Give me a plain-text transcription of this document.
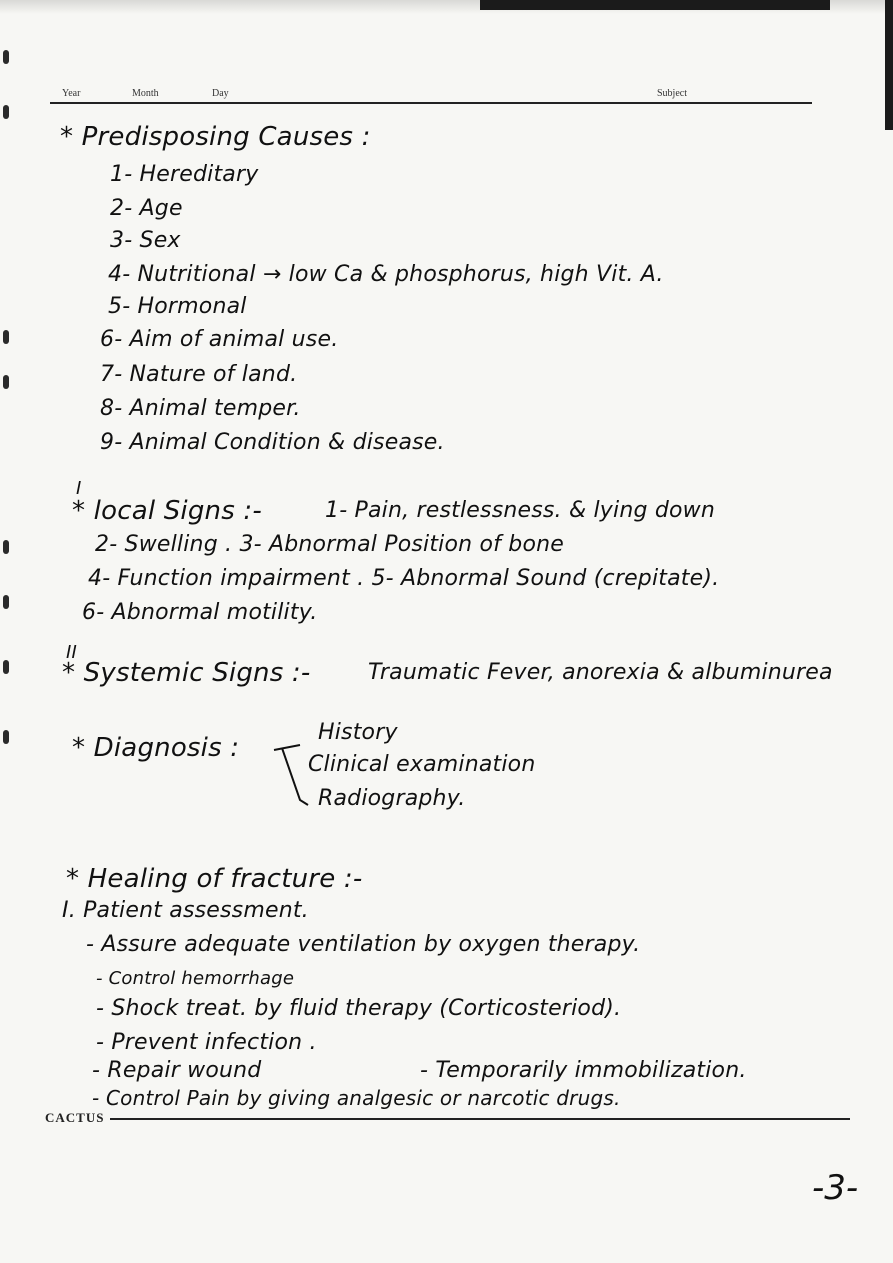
Year	Month	Day	Subject
* Predisposing Causes :
1- Hereditary
2- Age
3- Sex
4- Nutritional → low Ca & phosphorus, high Vit. A.
5- Hormonal
6- Aim of animal use.
7- Nature of land.
8- Animal temper.
9- Animal Condition & disease.
I
* local Signs :-	1- Pain, restlessness. & lying down
2- Swelling . 3- Abnormal Position of bone
4- Function impairment . 5- Abnormal Sound (crepitate).
6- Abnormal motility.
II
* Systemic Signs :-	Traumatic Fever, anorexia & albuminurea
* Diagnosis :
History
Clinical examination
Radiography.
* Healing of fracture :-
I. Patient assessment.
- Assure adequate ventilation by oxygen therapy.
- Control hemorrhage
- Shock treat. by fluid therapy (Corticosteriod).
- Prevent infection .
- Repair wound	- Temporarily immobilization.
- Control Pain by giving analgesic or narcotic drugs.
CACTUS
-3-
